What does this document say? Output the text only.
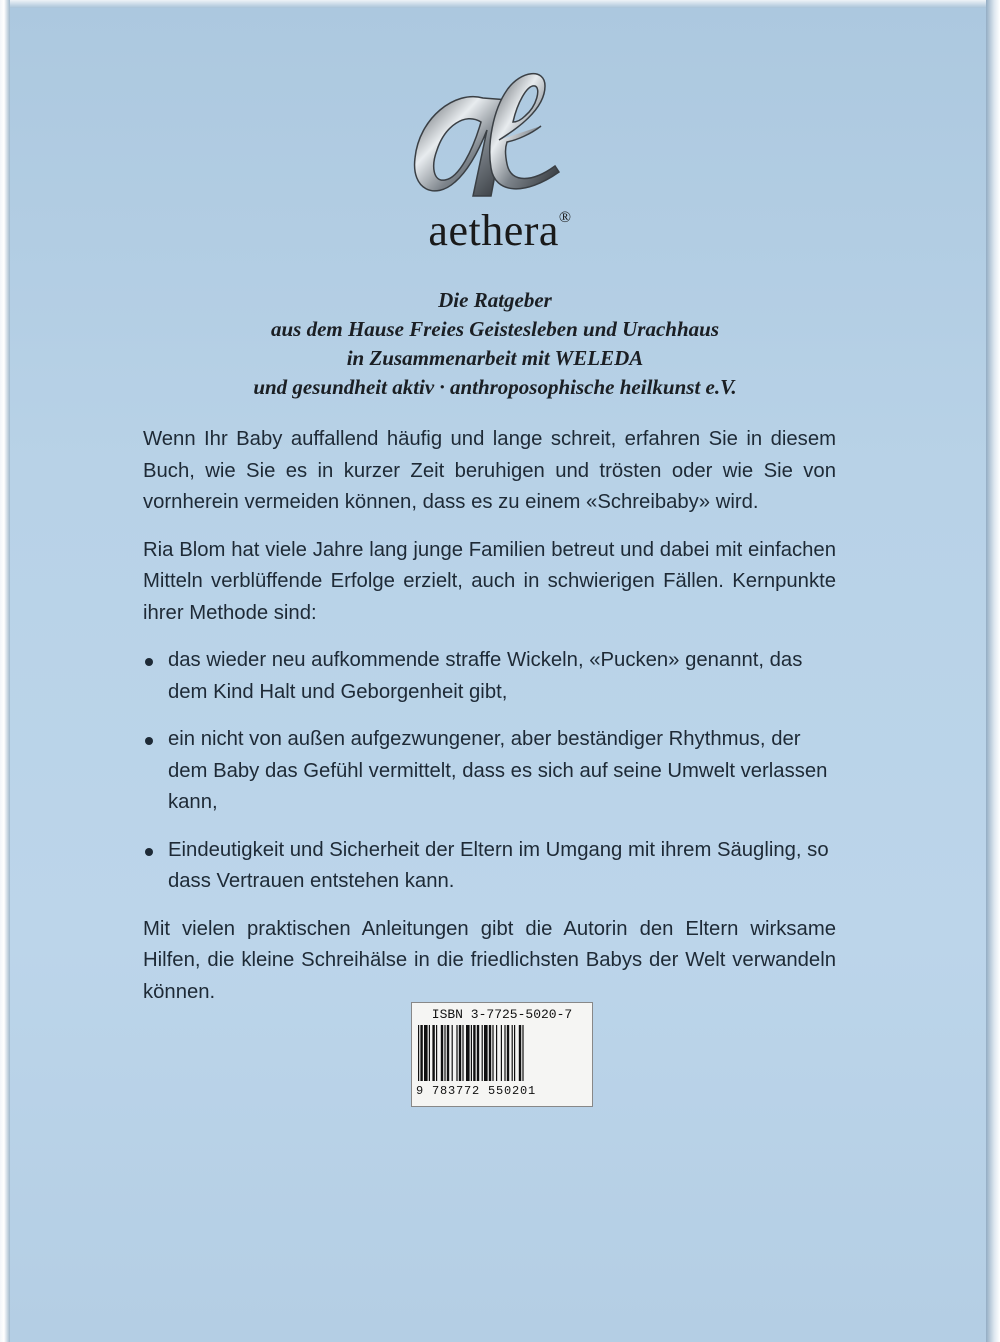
aethera®
Die Ratgeber
aus dem Hause Freies Geistesleben und Urachhaus
in Zusammenarbeit mit WELEDA
und gesundheit aktiv · anthroposophische heilkunst e.V.

Wenn Ihr Baby auffallend häufig und lange schreit, erfahren Sie in diesem Buch, wie Sie es in kurzer Zeit beruhigen und trösten oder wie Sie von vornherein vermeiden können, dass es zu einem «Schreibaby» wird.

Ria Blom hat viele Jahre lang junge Familien betreut und dabei mit einfachen Mitteln verblüffende Erfolge erzielt, auch in schwierigen Fällen. Kernpunkte ihrer Methode sind:

das wieder neu aufkommende straffe Wickeln, «Pucken» genannt, das dem Kind Halt und Geborgenheit gibt,
ein nicht von außen aufgezwungener, aber beständiger Rhythmus, der dem Baby das Gefühl vermittelt, dass es sich auf seine Umwelt verlassen kann,
Eindeutigkeit und Sicherheit der Eltern im Umgang mit ihrem Säugling, so dass Vertrauen entstehen kann.

Mit vielen praktischen Anleitungen gibt die Autorin den Eltern wirksame Hilfen, die kleine Schreihälse in die friedlichsten Babys der Welt verwandeln können.

ISBN 3-7725-5020-7
9 783772 550201
